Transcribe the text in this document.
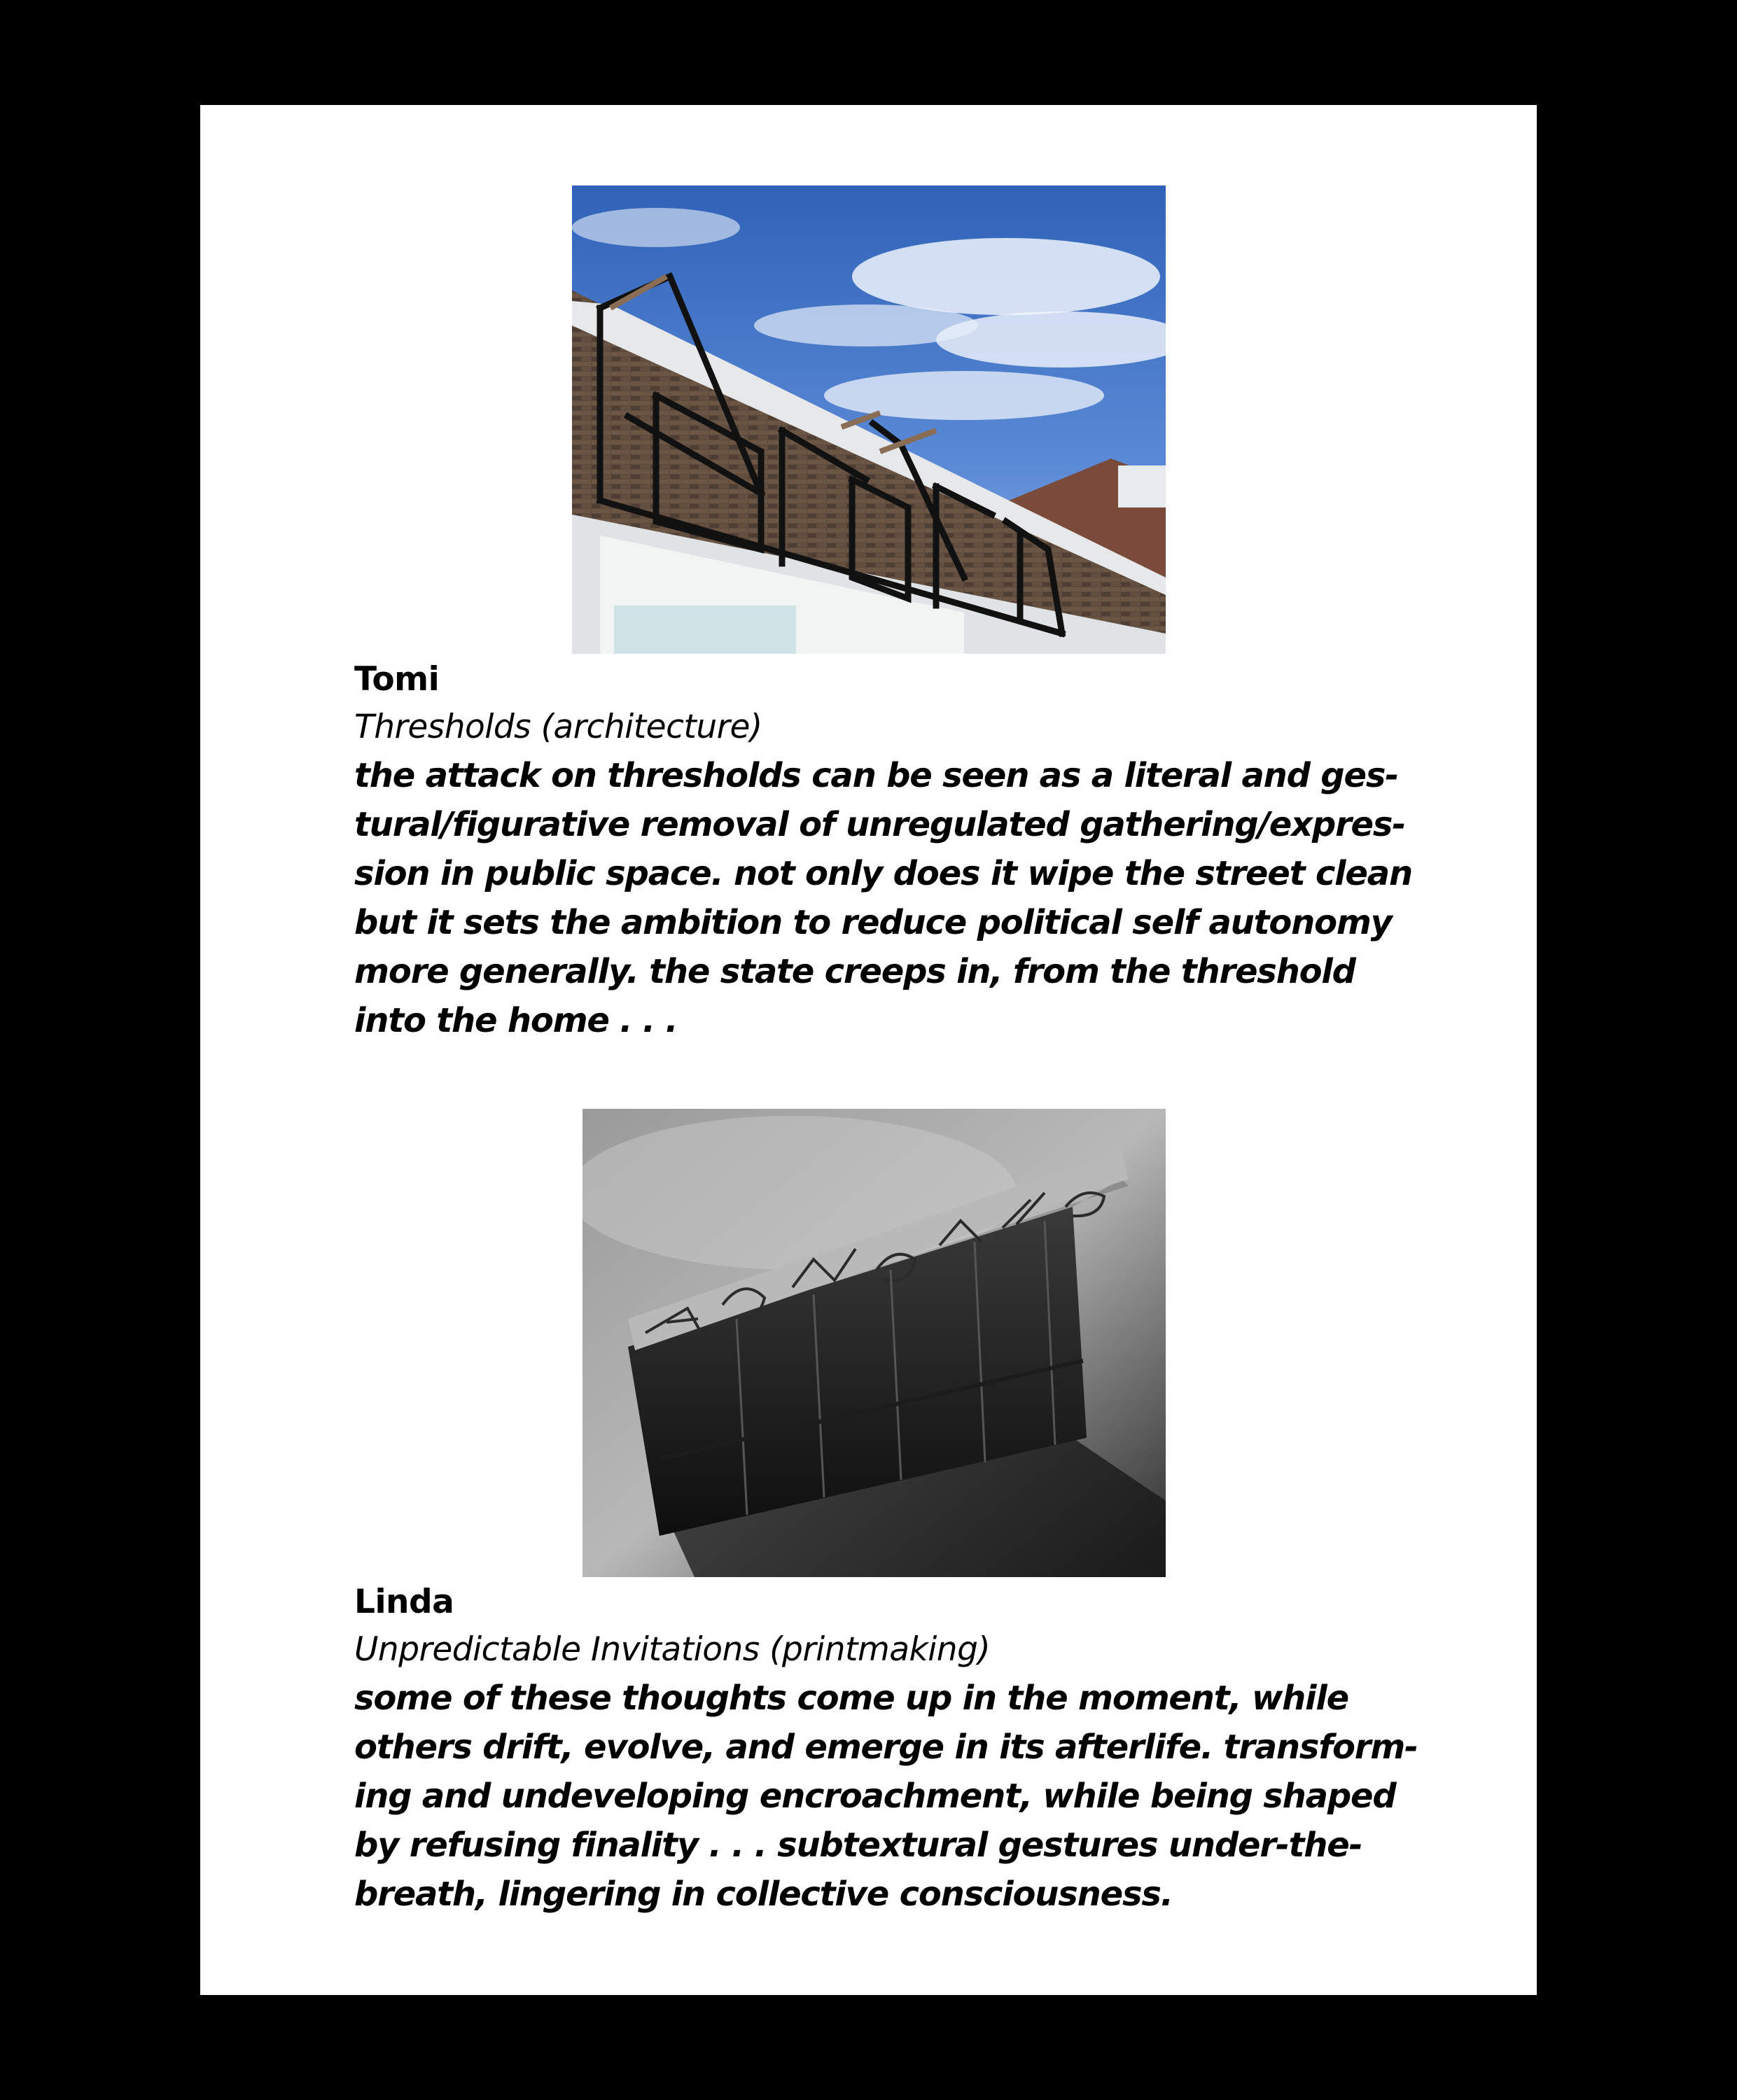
Tomi
Thresholds (architecture)
the attack on thresholds can be seen as a literal and ges-
tural/figurative removal of unregulated gathering/expres-
sion in public space. not only does it wipe the street clean
but it sets the ambition to reduce political self autonomy
more generally. the state creeps in, from the threshold
into the home . . .
Linda
Unpredictable Invitations (printmaking)
some of these thoughts come up in the moment, while
others drift, evolve, and emerge in its afterlife. transform-
ing and undeveloping encroachment, while being shaped
by refusing finality . . . subtextural gestures under-the-
breath, lingering in collective consciousness.
